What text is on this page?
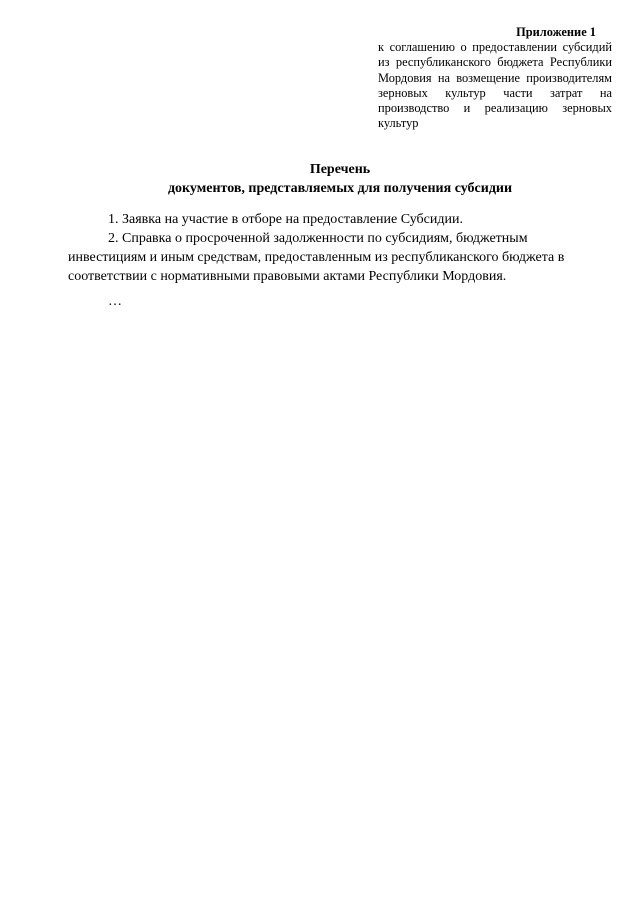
Приложение 1
к соглашению о предоставлении субсидий из республиканского бюджета Республики Мордовия на возмещение производителям зерновых культур части затрат на производство и реализацию зерновых культур
Перечень
документов, представляемых для получения субсидии

1. Заявка на участие в отборе на предоставление Субсидии.

2. Справка о просроченной задолженности по субсидиям, бюджетным инвестициям и иным средствам, предоставленным из республиканского бюджета в соответствии с нормативными правовыми актами Республики Мордовия.

…
